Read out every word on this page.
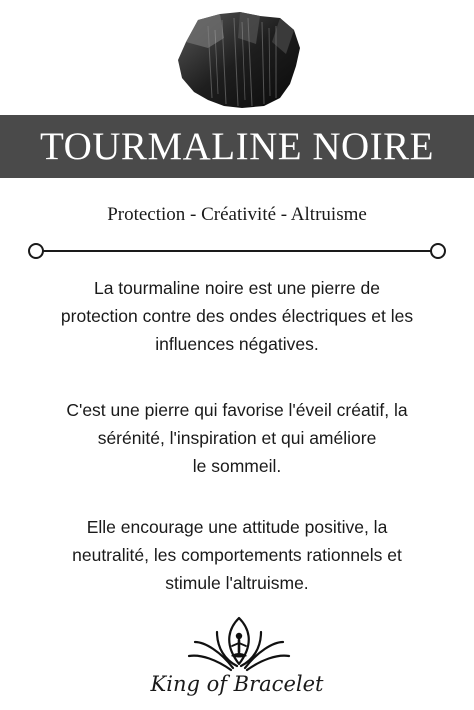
TOURMALINE NOIRE
Protection - Créativité - Altruisme
La tourmaline noire est une pierre de
protection contre des ondes électriques et les
influences négatives.
C'est une pierre qui favorise l'éveil créatif, la
sérénité, l'inspiration et qui améliore
le sommeil.
Elle encourage une attitude positive, la
neutralité, les comportements rationnels et
stimule l'altruisme.
King of Bracelet
